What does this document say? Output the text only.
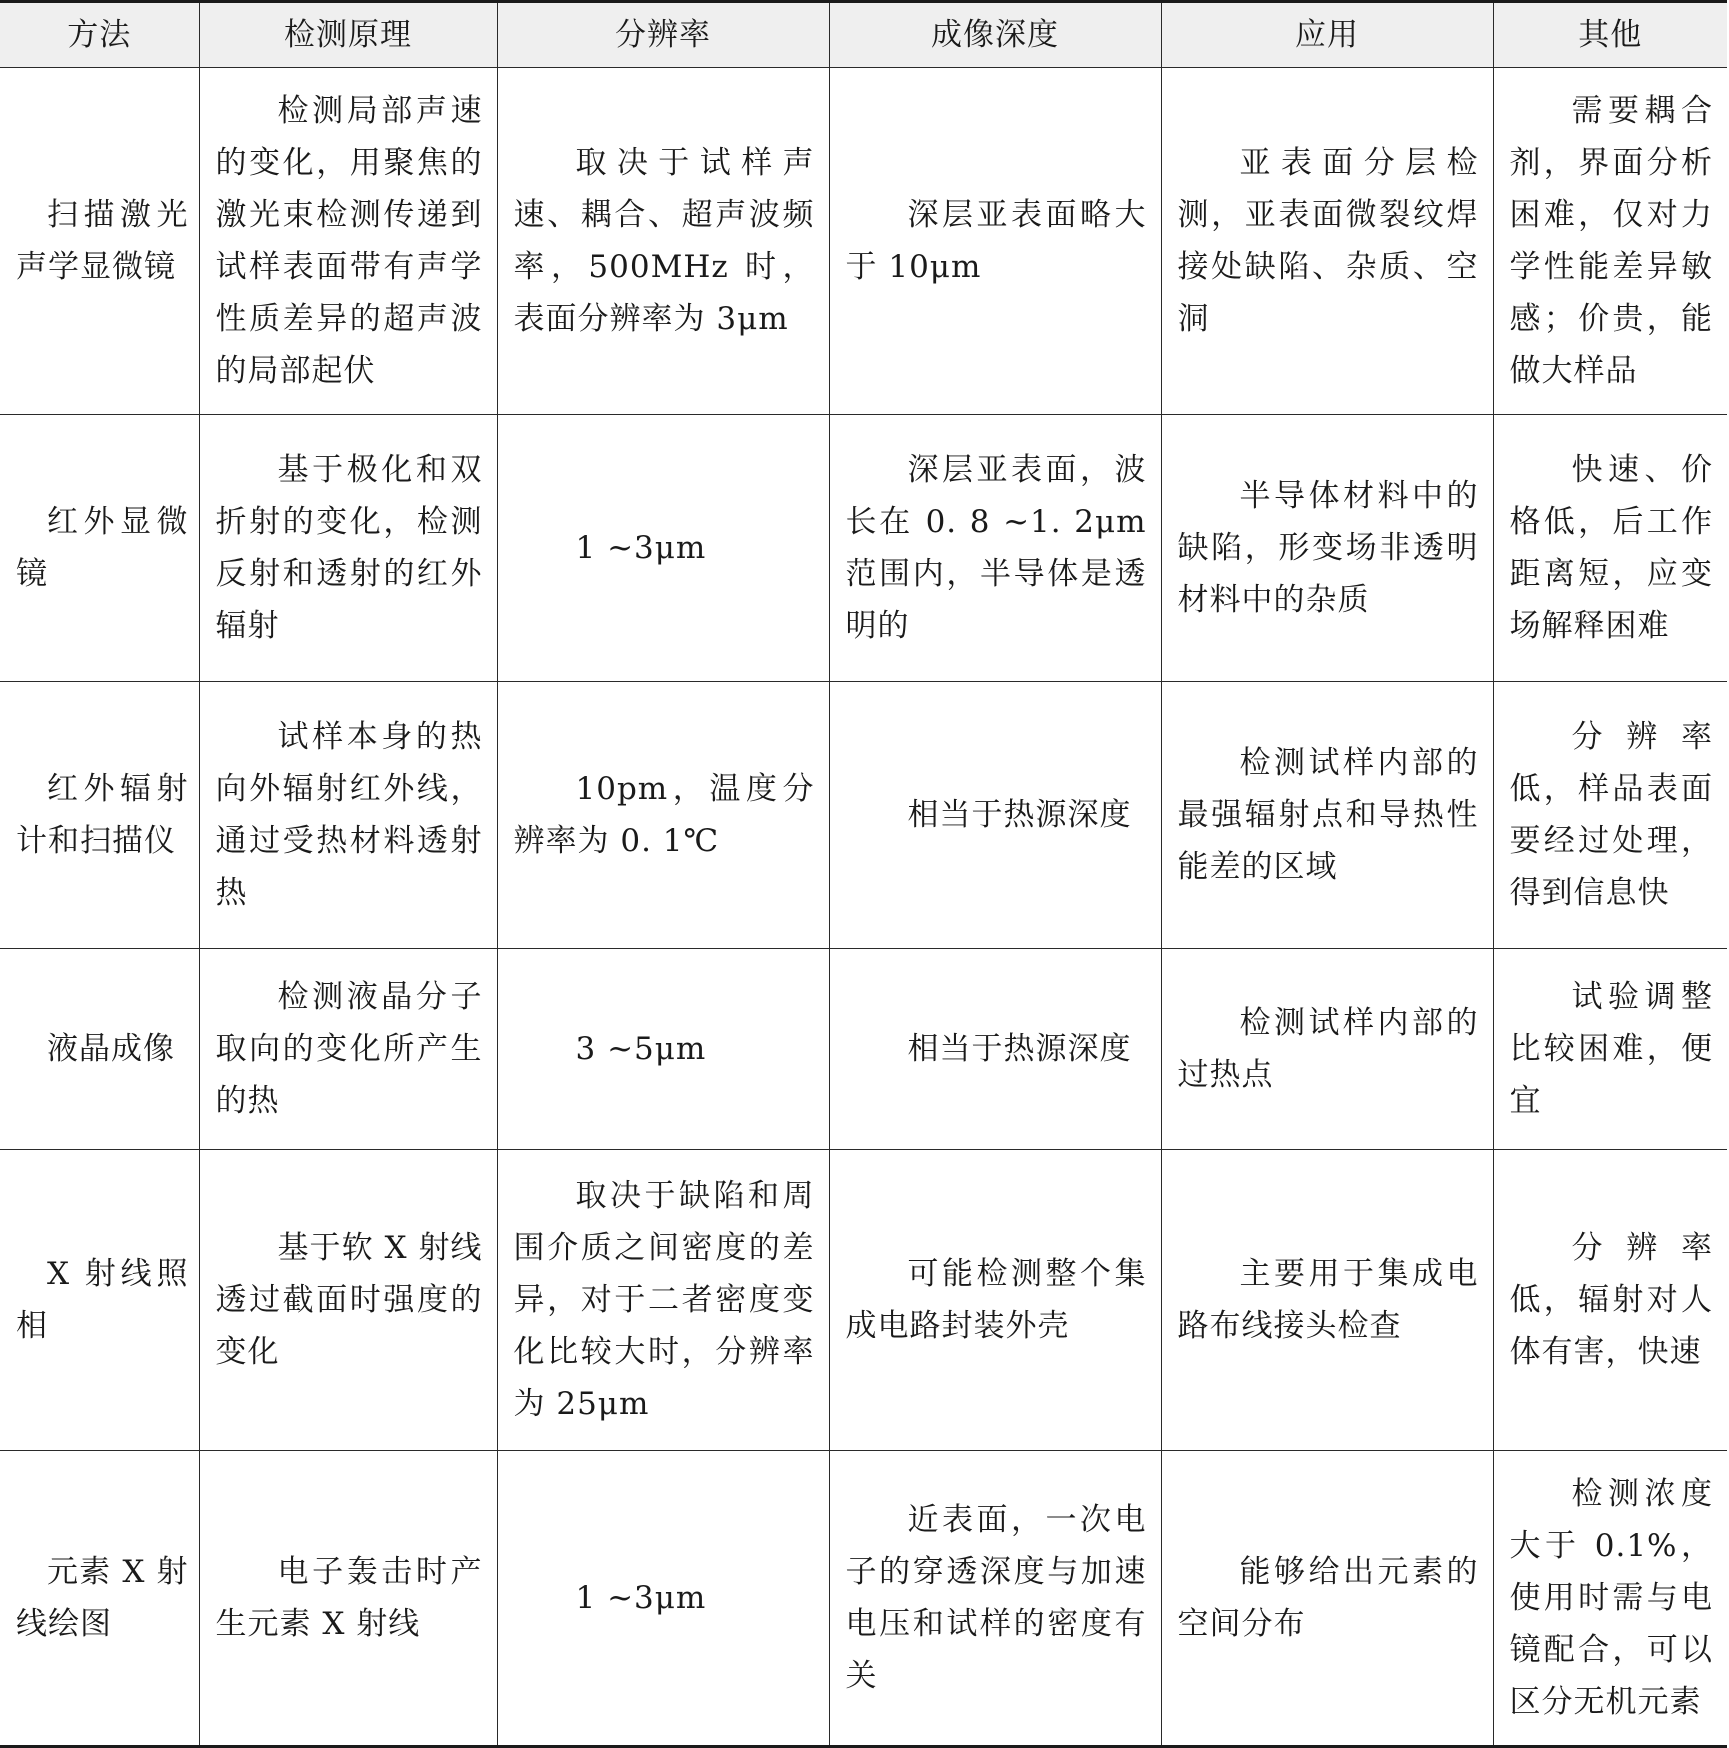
方法	检测原理	分辨率	成像深度	应用	其他
扫描激光声学显微镜	检测局部声速的变化，用聚焦的激光束检测传递到试样表面带有声学性质差异的超声波的局部起伏	取决于试样声速、耦合、超声波频率，500MHz 时，表面分辨率为 3μm	深层亚表面略大于 10μm	亚表面分层检测，亚表面微裂纹焊接处缺陷、杂质、空洞	需要耦合剂，界面分析困难，仅对力学性能差异敏感；价贵，能做大样品
红外显微镜	基于极化和双折射的变化，检测反射和透射的红外辐射	1 ~3μm	深层亚表面，波长在 0. 8 ~1. 2μm 范围内，半导体是透明的	半导体材料中的缺陷，形变场非透明材料中的杂质	快速、价格低，后工作距离短，应变场解释困难
红外辐射计和扫描仪	试样本身的热向外辐射红外线，通过受热材料透射热	10pm，温度分辨率为 0. 1℃	相当于热源深度	检测试样内部的最强辐射点和导热性能差的区域	分辨率低，样品表面要经过处理，得到信息快
液晶成像	检测液晶分子取向的变化所产生的热	3 ~5μm	相当于热源深度	检测试样内部的过热点	试验调整比较困难，便宜
X 射线照相	基于软 X 射线透过截面时强度的变化	取决于缺陷和周围介质之间密度的差异，对于二者密度变化比较大时，分辨率为 25μm	可能检测整个集成电路封装外壳	主要用于集成电路布线接头检查	分辨率低，辐射对人体有害，快速
元素 X 射线绘图	电子轰击时产生元素 X 射线	1 ~3μm	近表面，一次电子的穿透深度与加速电压和试样的密度有关	能够给出元素的空间分布	检测浓度大于 0.1%，使用时需与电镜配合，可以区分无机元素
